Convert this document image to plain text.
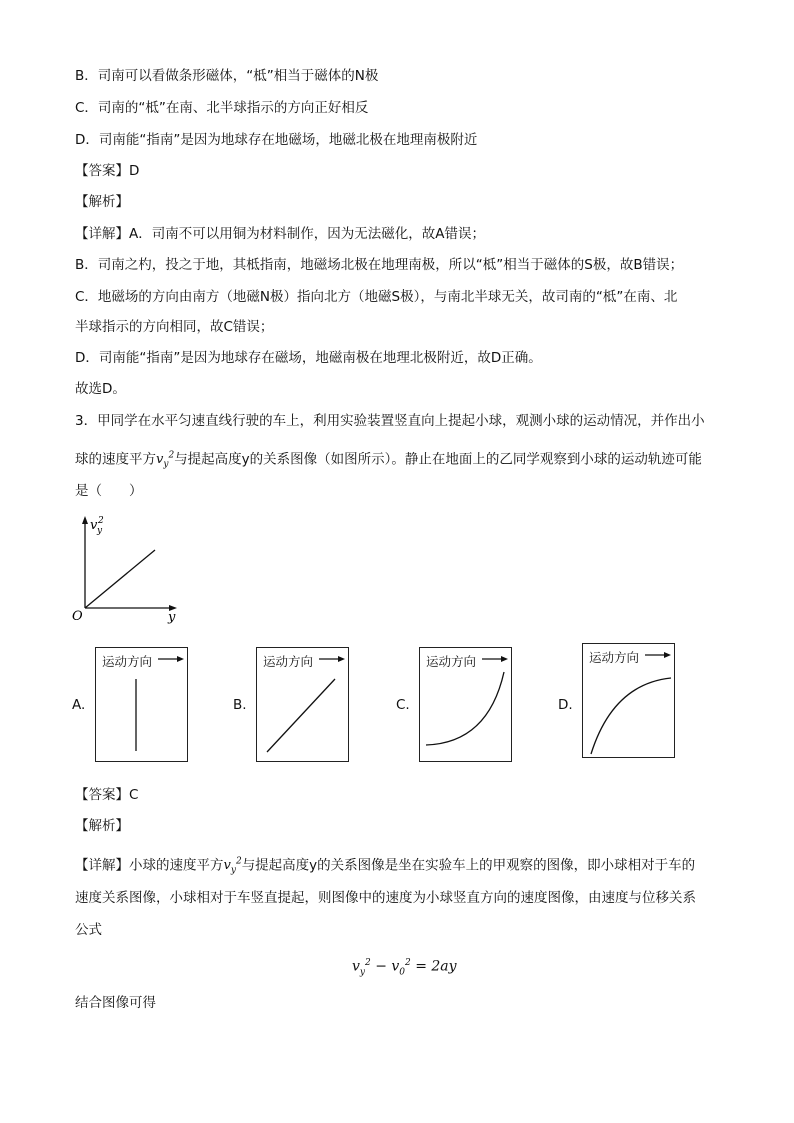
B．司南可以看做条形磁体，“柢”相当于磁体的N极
C．司南的“柢”在南、北半球指示的方向正好相反
D．司南能“指南”是因为地球存在地磁场，地磁北极在地理南极附近
【答案】D
【解析】
【详解】A．司南不可以用铜为材料制作，因为无法磁化，故A错误；
B．司南之杓，投之于地，其柢指南，地磁场北极在地理南极，所以“柢”相当于磁体的S极，故B错误；
C．地磁场的方向由南方（地磁N极）指向北方（地磁S极），与南北半球无关，故司南的“柢”在南、北
半球指示的方向相同，故C错误；
D．司南能“指南”是因为地球存在磁场，地磁南极在地理北极附近，故D正确。
故选D。
3．甲同学在水平匀速直线行驶的车上，利用实验装置竖直向上提起小球，观测小球的运动情况，并作出小
球的速度平方$v_y^2$与提起高度y的关系图像（如图所示）。静止在地面上的乙同学观察到小球的运动轨迹可能
是（　　）
v y
2
O	y
A.
运动方向
B.
运动方向
C.
运动方向
D.
运动方向
【答案】C
【解析】
【详解】小球的速度平方$v_y^2$与提起高度y的关系图像是坐在实验车上的甲观察的图像，即小球相对于车的
速度关系图像，小球相对于车竖直提起，则图像中的速度为小球竖直方向的速度图像，由速度与位移关系
公式
$v_y^2 - v_0^2 = 2ay$
结合图像可得
